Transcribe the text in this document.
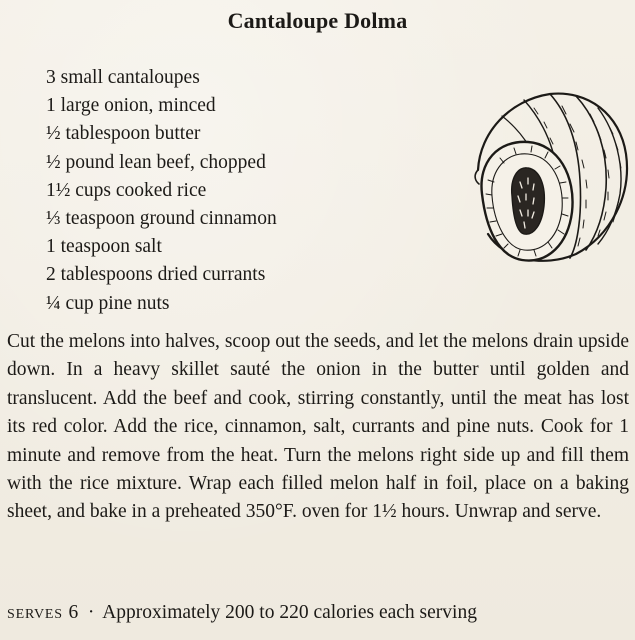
Cantaloupe Dolma
3 small cantaloupes
1 large onion, minced
½ tablespoon butter
½ pound lean beef, chopped
1½ cups cooked rice
⅓ teaspoon ground cinnamon
1 teaspoon salt
2 tablespoons dried currants
¼ cup pine nuts

Cut the melons into halves, scoop out the seeds, and let the melons drain upside down. In a heavy skillet sauté the onion in the butter until golden and translucent. Add the beef and cook, stirring constantly, until the meat has lost its red color. Add the rice, cinnamon, salt, currants and pine nuts. Cook for 1 minute and remove from the heat. Turn the melons right side up and fill them with the rice mixture. Wrap each filled melon half in foil, place on a baking sheet, and bake in a preheated 350°F. oven for 1½ hours. Unwrap and serve.

serves 6 · Approximately 200 to 220 calories each serving
